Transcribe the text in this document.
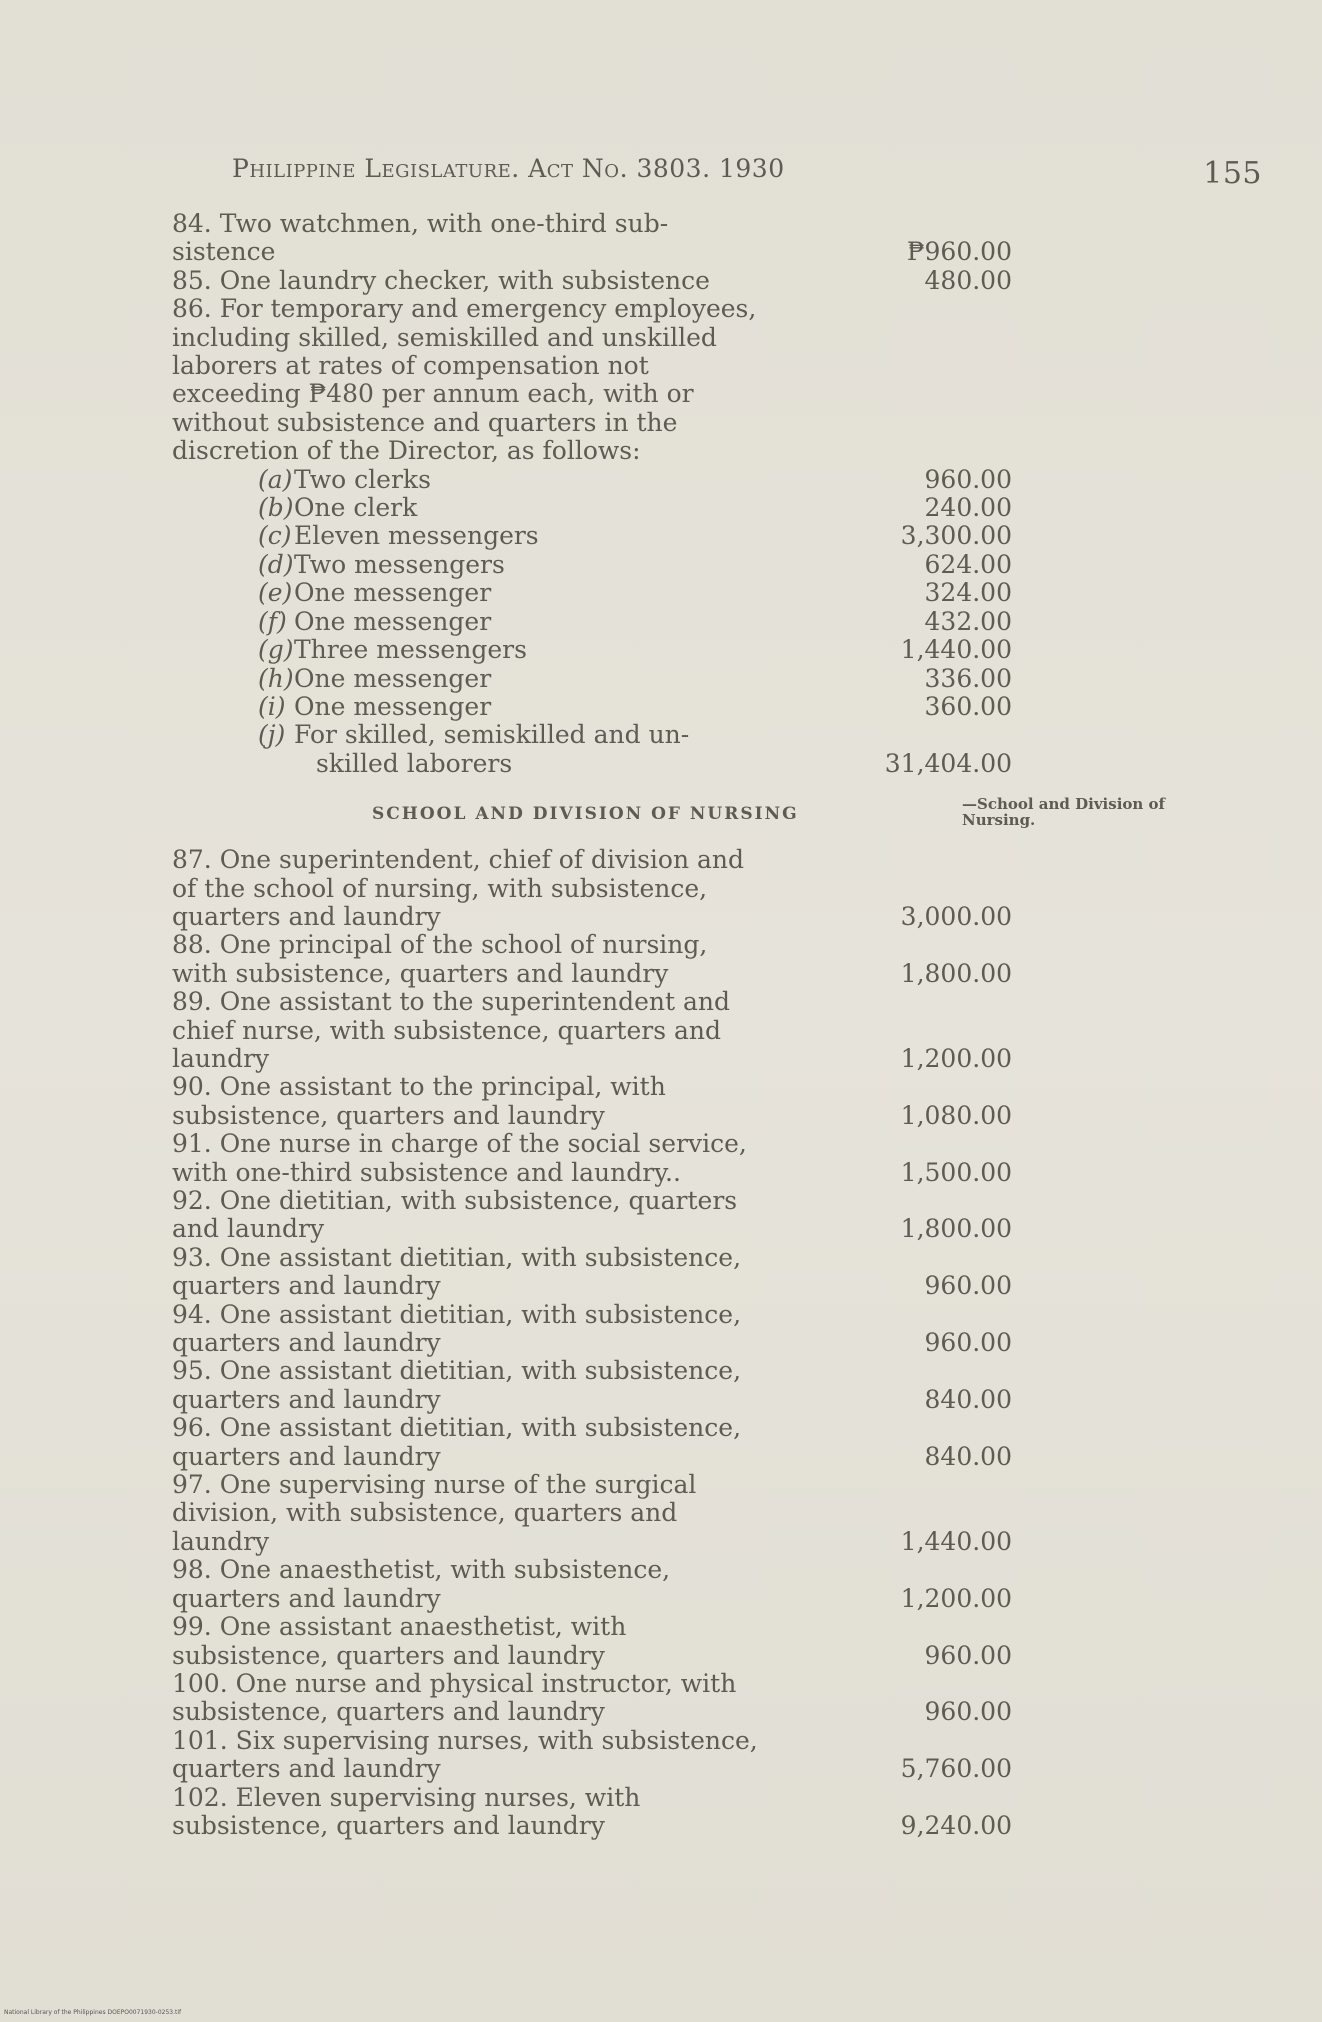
Philippine Legislature. Act No. 3803. 1930	155
84. Two watchmen, with one-third sub-
sistence	₱960.00
85. One laundry checker, with subsistence	480.00
86. For temporary and emergency employees, including skilled, semiskilled and unskilled laborers at rates of compensation not exceeding ₱480 per annum each, with or without subsistence and quarters in the discretion of the Director, as follows:
(a)Two clerks	960.00
(b)One clerk	240.00
(c)Eleven messengers	3,300.00
(d)Two messengers	624.00
(e)One messenger	324.00
(f) One messenger	432.00
(g)Three messengers	1,440.00
(h)One messenger	336.00
(i) One messenger	360.00
(j) For skilled, semiskilled and un-
skilled laborers	31,404.00
SCHOOL AND DIVISION OF NURSING	—School and Division of Nursing.
87. One superintendent, chief of division and of the school of nursing, with subsistence, quarters and laundry	3,000.00
88. One principal of the school of nursing, with subsistence, quarters and laundry	1,800.00
89. One assistant to the superintendent and chief nurse, with subsistence, quarters and laundry	1,200.00
90. One assistant to the principal, with subsistence, quarters and laundry	1,080.00
91. One nurse in charge of the social service, with one-third subsistence and laundry..	1,500.00
92. One dietitian, with subsistence, quarters and laundry	1,800.00
93. One assistant dietitian, with subsistence, quarters and laundry	960.00
94. One assistant dietitian, with subsistence, quarters and laundry	960.00
95. One assistant dietitian, with subsistence, quarters and laundry	840.00
96. One assistant dietitian, with subsistence, quarters and laundry	840.00
97. One supervising nurse of the surgical division, with subsistence, quarters and laundry	1,440.00
98. One anaesthetist, with subsistence, quarters and laundry	1,200.00
99. One assistant anaesthetist, with subsistence, quarters and laundry	960.00
100. One nurse and physical instructor, with subsistence, quarters and laundry	960.00
101. Six supervising nurses, with subsistence, quarters and laundry	5,760.00
102. Eleven supervising nurses, with subsistence, quarters and laundry	9,240.00
National Library of the Philippines DOEPO0071930-0253.tif
